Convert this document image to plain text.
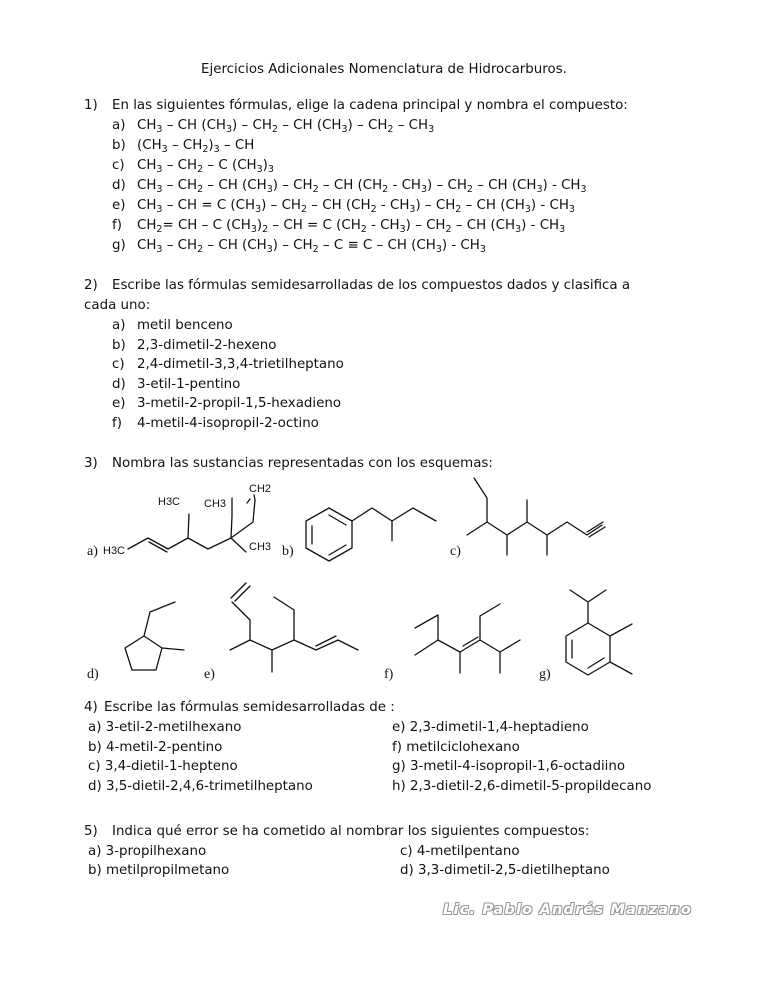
Ejercicios Adicionales Nomenclatura de Hidrocarburos.
1) En las siguientes fórmulas, elige la cadena principal y nombra el compuesto:
a) $CH_3$ – CH $(CH_3) - CH_2$ – CH $(CH_3) - CH_2 - CH_3$
b) $(CH_3 - CH_2)_3$ – CH
c) $CH_3 - CH_2$ – C $(CH_3)_3$
d) $CH_3 - CH_2$ – CH $(CH_3) - CH_2$ – CH $(CH_2 - CH_3) - CH_2$ – CH $(CH_3) - CH_3$
e) $CH_3$ – CH = C $(CH_3) - CH_2$ – CH $(CH_2 - CH_3) - CH_2$ – CH $(CH_3) - CH_3$
f) $CH_2=$ CH – C $(CH_3)_2$ – CH = C $(CH_2 - CH_3) - CH_2$ – CH $(CH_3) - CH_3$
g) $CH_3 - CH_2$ – CH $(CH_3) - CH_2 - C \equiv C$ – CH $(CH_3) - CH_3$
2) Escribe las fórmulas semidesarrolladas de los compuestos dados y clasifica a
cada uno:
a) metil benceno
b) 2,3-dimetil-2-hexeno
c) 2,4-dimetil-3,3,4-trietilheptano
d) 3-etil-1-pentino
e) 3-metil-2-propil-1,5-hexadieno
f) 4-metil-4-isopropil-2-octino
3) Nombra las sustancias representadas con los esquemas:
CH2
H3C CH3
CH3
H3C
a)	b)	c)
d)	e)	f)	g)
4) Escribe las fórmulas semidesarrolladas de :
a) 3-etil-2-metilhexano
b) 4-metil-2-pentino
c) 3,4-dietil-1-hepteno
d) 3,5-dietil-2,4,6-trimetilheptano
e) 2,3-dimetil-1,4-heptadieno
f) metilciclohexano
g) 3-metil-4-isopropil-1,6-octadiino
h) 2,3-dietil-2,6-dimetil-5-propildecano
5) Indica qué error se ha cometido al nombrar los siguientes compuestos:
a) 3-propilhexano
b) metilpropilmetano
c) 4-metilpentano
d) 3,3-dimetil-2,5-dietilheptano
Lic. Pablo Andrés Manzano
